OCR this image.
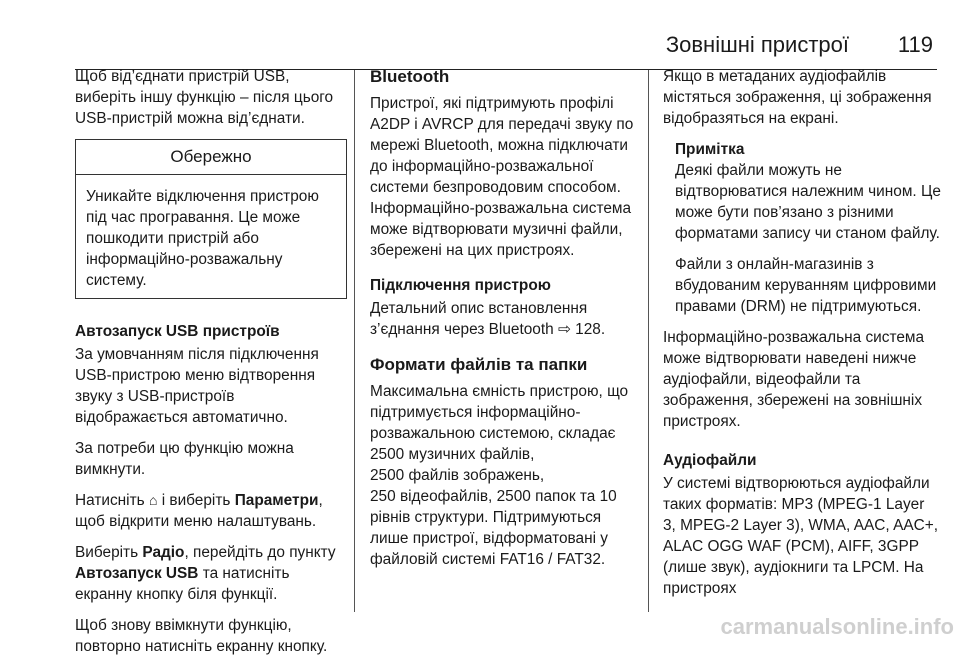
Зовнішні пристрої 119

Щоб від’єднати пристрій USB, виберіть іншу функцію – після цього USB-пристрій можна від’єднати.

Обережно
Уникайте відключення пристрою під час програвання. Це може пошкодити пристрій або інформаційно-розважальну систему.

Автозапуск USB пристроїв

За умовчанням після підключення USB-пристрою меню відтворення звуку з USB-пристроїв відображається автоматично.

За потреби цю функцію можна вимкнути.

Натисніть ⌂ і виберіть Параметри, щоб відкрити меню налаштувань.

Виберіть Радіо, перейдіть до пункту Автозапуск USB та натисніть екранну кнопку біля функції.

Щоб знову ввімкнути функцію, повторно натисніть екранну кнопку.

Bluetooth

Пристрої, які підтримують профілі A2DP і AVRCP для передачі звуку по мережі Bluetooth, можна підключати до інформаційно-розважальної системи безпроводовим способом. Інформаційно-розважальна система може відтворювати музичні файли, збережені на цих пристроях.

Підключення пристрою

Детальний опис встановлення з’єднання через Bluetooth ⇨ 128.

Формати файлів та папки

Максимальна ємність пристрою, що підтримується інформаційно-розважальною системою, складає

2500 музичних файлів,

2500 файлів зображень,

250 відеофайлів, 2500 папок та 10 рівнів структури. Підтримуються лише пристрої, відформатовані у файловій системі FAT16 / FAT32.

Якщо в метаданих аудіофайлів містяться зображення, ці зображення відобразяться на екрані.

Примітка

Деякі файли можуть не відтворюватися належним чином. Це може бути пов’язано з різними форматами запису чи станом файлу.

Файли з онлайн-магазинів з вбудованим керуванням цифровими правами (DRM) не підтримуються.

Інформаційно-розважальна система може відтворювати наведені нижче аудіофайли, відеофайли та зображення, збережені на зовнішніх пристроях.

Аудіофайли

У системі відтворюються аудіофайли таких форматів: MP3 (MPEG-1 Layer 3, MPEG-2 Layer 3), WMA, AAC, AAC+, ALAC OGG WAF (PCM), AIFF, 3GPP (лише звук), аудіокниги та LPCM. На пристроях

carmanualsonline.info
